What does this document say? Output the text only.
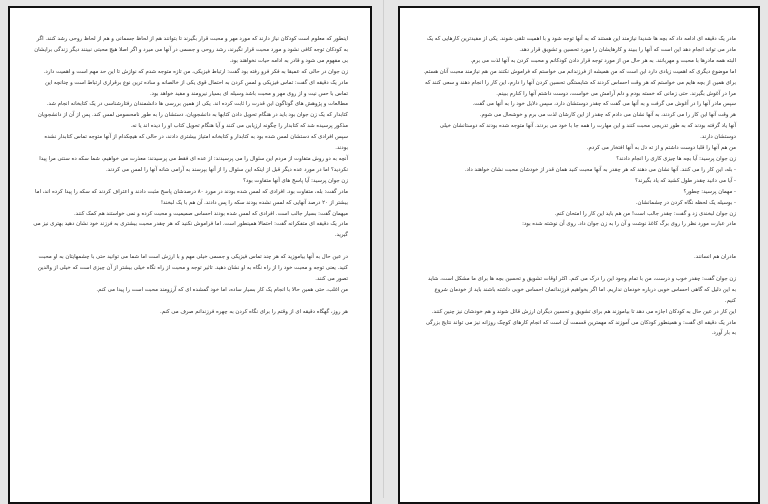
اینطور که معلوم است کودکان نیاز دارند که مورد مهر و محبت قرار بگیرند تا بتوانند هم از لحاظ جسمانی و هم از لحاظ روحی رشد کنند. اگر به کودکان توجه کافی نشود و مورد محبت قرار نگیرند، رشد روحی و جسمی در آنها می میرد و اگر اصلا هیچ محبتی نبینند دیگر زندگی برایشان بی مفهوم می شود و قادر به ادامه حیات نخواهند بود.

زن جوان در حالی که عمیقا به فکر فرو رفته بود گفت: ارتباط فیزیکی، من تازه متوجه شدم که نوازش تا این حد مهم است و اهمیت دارد.

مادر یک دقیقه ای گفت: تماس فیزیکی و لمس کردن به احتمال قوی یکی از خالصانه و ساده ترین نوع برقراری ارتباط است و چنانچه این تماس با حس نیت و از روی مهر و محبت باشد وسیله ای بسیار نیرومند و مفید خواهد بود.

مطالعات و پژوهش های گوناگون این قدرت را ثابت کرده اند. یکی از همین بررسی ها دانشمندان رفتارشناسی در یک کتابخانه انجام شد.

کتابدار که یک زن جوان بود باید در هنگام تحویل دادن کتابها به دانشجویان، دستشان را به طور نامحسوس لمس کند. پس از آن از دانشجویان مذکور پرسیده شد که کتابدار را چگونه ارزیابی می کنند و آیا هنگام تحویل کتاب او را دیده اند یا نه.

سپس افرادی که دستشان لمس شده بود به کتابدار و کتابخانه امتیاز بیشتری دادند، در حالی که هیچکدام از آنها متوجه تماس کتابدار نشده بودند.

آنچه به دو روش متفاوت از مردم این سئوال را می پرسیدند: از عده ای فقط می پرسیدند: معذرت می خواهیم، شما سکه ده سنتی مرا پیدا نکردید؟ اما در مورد عده دیگر قبل از اینکه این سئوال را از آنها بپرسند به آرامی شانه آنها را لمس می کردند.

زن جوان پرسید: آیا پاسخ های آنها متفاوت بود؟

مادر گفت: بله، متفاوت بود. افرادی که لمس شده بودند در مورد ۸۰ درصدشان پاسخ مثبت دادند و اعتراف کردند که سکه را پیدا کرده اند، اما بیشتر از ۲۰ درصد آنهایی که لمس نشده بودند سکه را پس دادند. آن هم با یک لبخند!

میهمان گفت: بسیار جالب است. افرادی که لمس شده بودند احساس صمیمیت و محبت کرده و نمی خواستند هم کمک کنند.

مادر یک دقیقه ای متفکرانه گفت: احتمالا همینطور است. اما فراموش نکنید که هر چقدر محبت بیشتری به فرزند خود نشان دهید بهتری نیز می گیرید.

در عین حال به آنها بیاموزید که هر چند تماس فیزیکی و جسمی خیلی مهم و با ارزش است اما شما می توانید حتی با چشمهایتان به او محبت کنید. یعنی توجه و محبت خود را از راه نگاه به او نشان دهید. تاثیر توجه و محبت از راه نگاه خیلی بیشتر از آن چیزی است که خیلی از والدین تصور می کنند.

من اغلب، حتی همین حالا با انجام یک کار بسیار ساده، اما خود گمشده ای که آرزومند محبت است را پیدا می کنم.

هر روز، گهگاه دقیقه ای از وقتم را برای نگاه کردن به چهره فرزندانم صرف می کنم.

مادر یک دقیقه ای ادامه داد که بچه ها شدیدا نیازمند این هستند که به آنها توجه شود و با اهمیت تلقی شوند. یکی از مفیدترین کارهایی که یک مادر می تواند انجام دهد این است که آنها را ببیند و کارهایشان را مورد تحسین و تشویق قرار دهد.

البته همه مادرها با محبت و مهربانند. به هر حال من از مورد توجه قرار دادن کودکانم و محبت کردن به آنها لذت می برم.

اما موضوع دیگری که اهمیت زیادی دارد این است که من همیشه از فرزندانم می خواستم که فراموش نکنند من هم نیازمند محبت آنان هستم.

برای همین از بچه هایم می خواستم که هر وقت احساس کردند که شایستگی تحسین کردن آنها را دارم، این کار را انجام دهند و سعی کنند که مرا در آغوش بگیرند. حتی زمانی که خسته بودم و دلم آرامش می خواست، دوست داشتم آنها را کنارم ببینم.

سپس مادر آنها را در آغوش می گرفت و به آنها می گفت که چقدر دوستشان دارد، سپس دلایل خود را به آنها می گفت.

هر وقت آنها این کار را می کردند، به آنها نشان می دادم که چقدر از این کارشان لذت می برم و خوشحال می شوم.

آنها یاد گرفته بودند که به طور تدریجی محبت کنند و این مهارت را همه جا با خود می بردند. آنها متوجه شده بودند که دوستانشان خیلی دوستشان دارند.

من هم آنها را قلبا دوست داشتم و از ته دل به آنها افتخار می کردم.

زن جوان پرسید: آیا بچه ها چیزی کاری را انجام دادند؟

- بله، این کار را می کنند. آنها نشان می دهند که هر چقدر به آنها محبت کنید همان قدر از خودشان محبت نشان خواهند داد.

- آیا می دانید چقدر طول کشید که یاد بگیرند؟

- مهمان پرسید: چطور؟

- بوسیله یک لحظه نگاه کردن در چشمانشان.

زن جوان لبخندی زد و گفت: چقدر جالب است! من هم باید این کار را امتحان کنم.

مادر عبارت مورد نظر را روی برگ کاغذ نوشت و آن را به زن جوان داد. روی آن نوشته شده بود:

مادران هم انسانند.

زن جوان گفت: چقدر خوب و درست، من با تمام وجود این را درک می کنم. اکثر اوقات تشویق و تحسین بچه ها برای ما مشکل است، شاید به این دلیل که گاهی احساس خوبی درباره خودمان نداریم. اما اگر بخواهیم فرزندانمان احساس خوبی داشته باشند باید از خودمان شروع کنیم.

این کار در عین حال به کودکان اجازه می دهد تا بیاموزند هم برای تشویق و تحسین دیگران ارزش قائل شوند و هم خودشان نیز چنین کنند.

مادر یک دقیقه ای گفت: و همینطور کودکان می آموزند که مهمترین قسمت آن است که انجام کارهای کوچک روزانه نیز می تواند نتایج بزرگی به بار آورد.
